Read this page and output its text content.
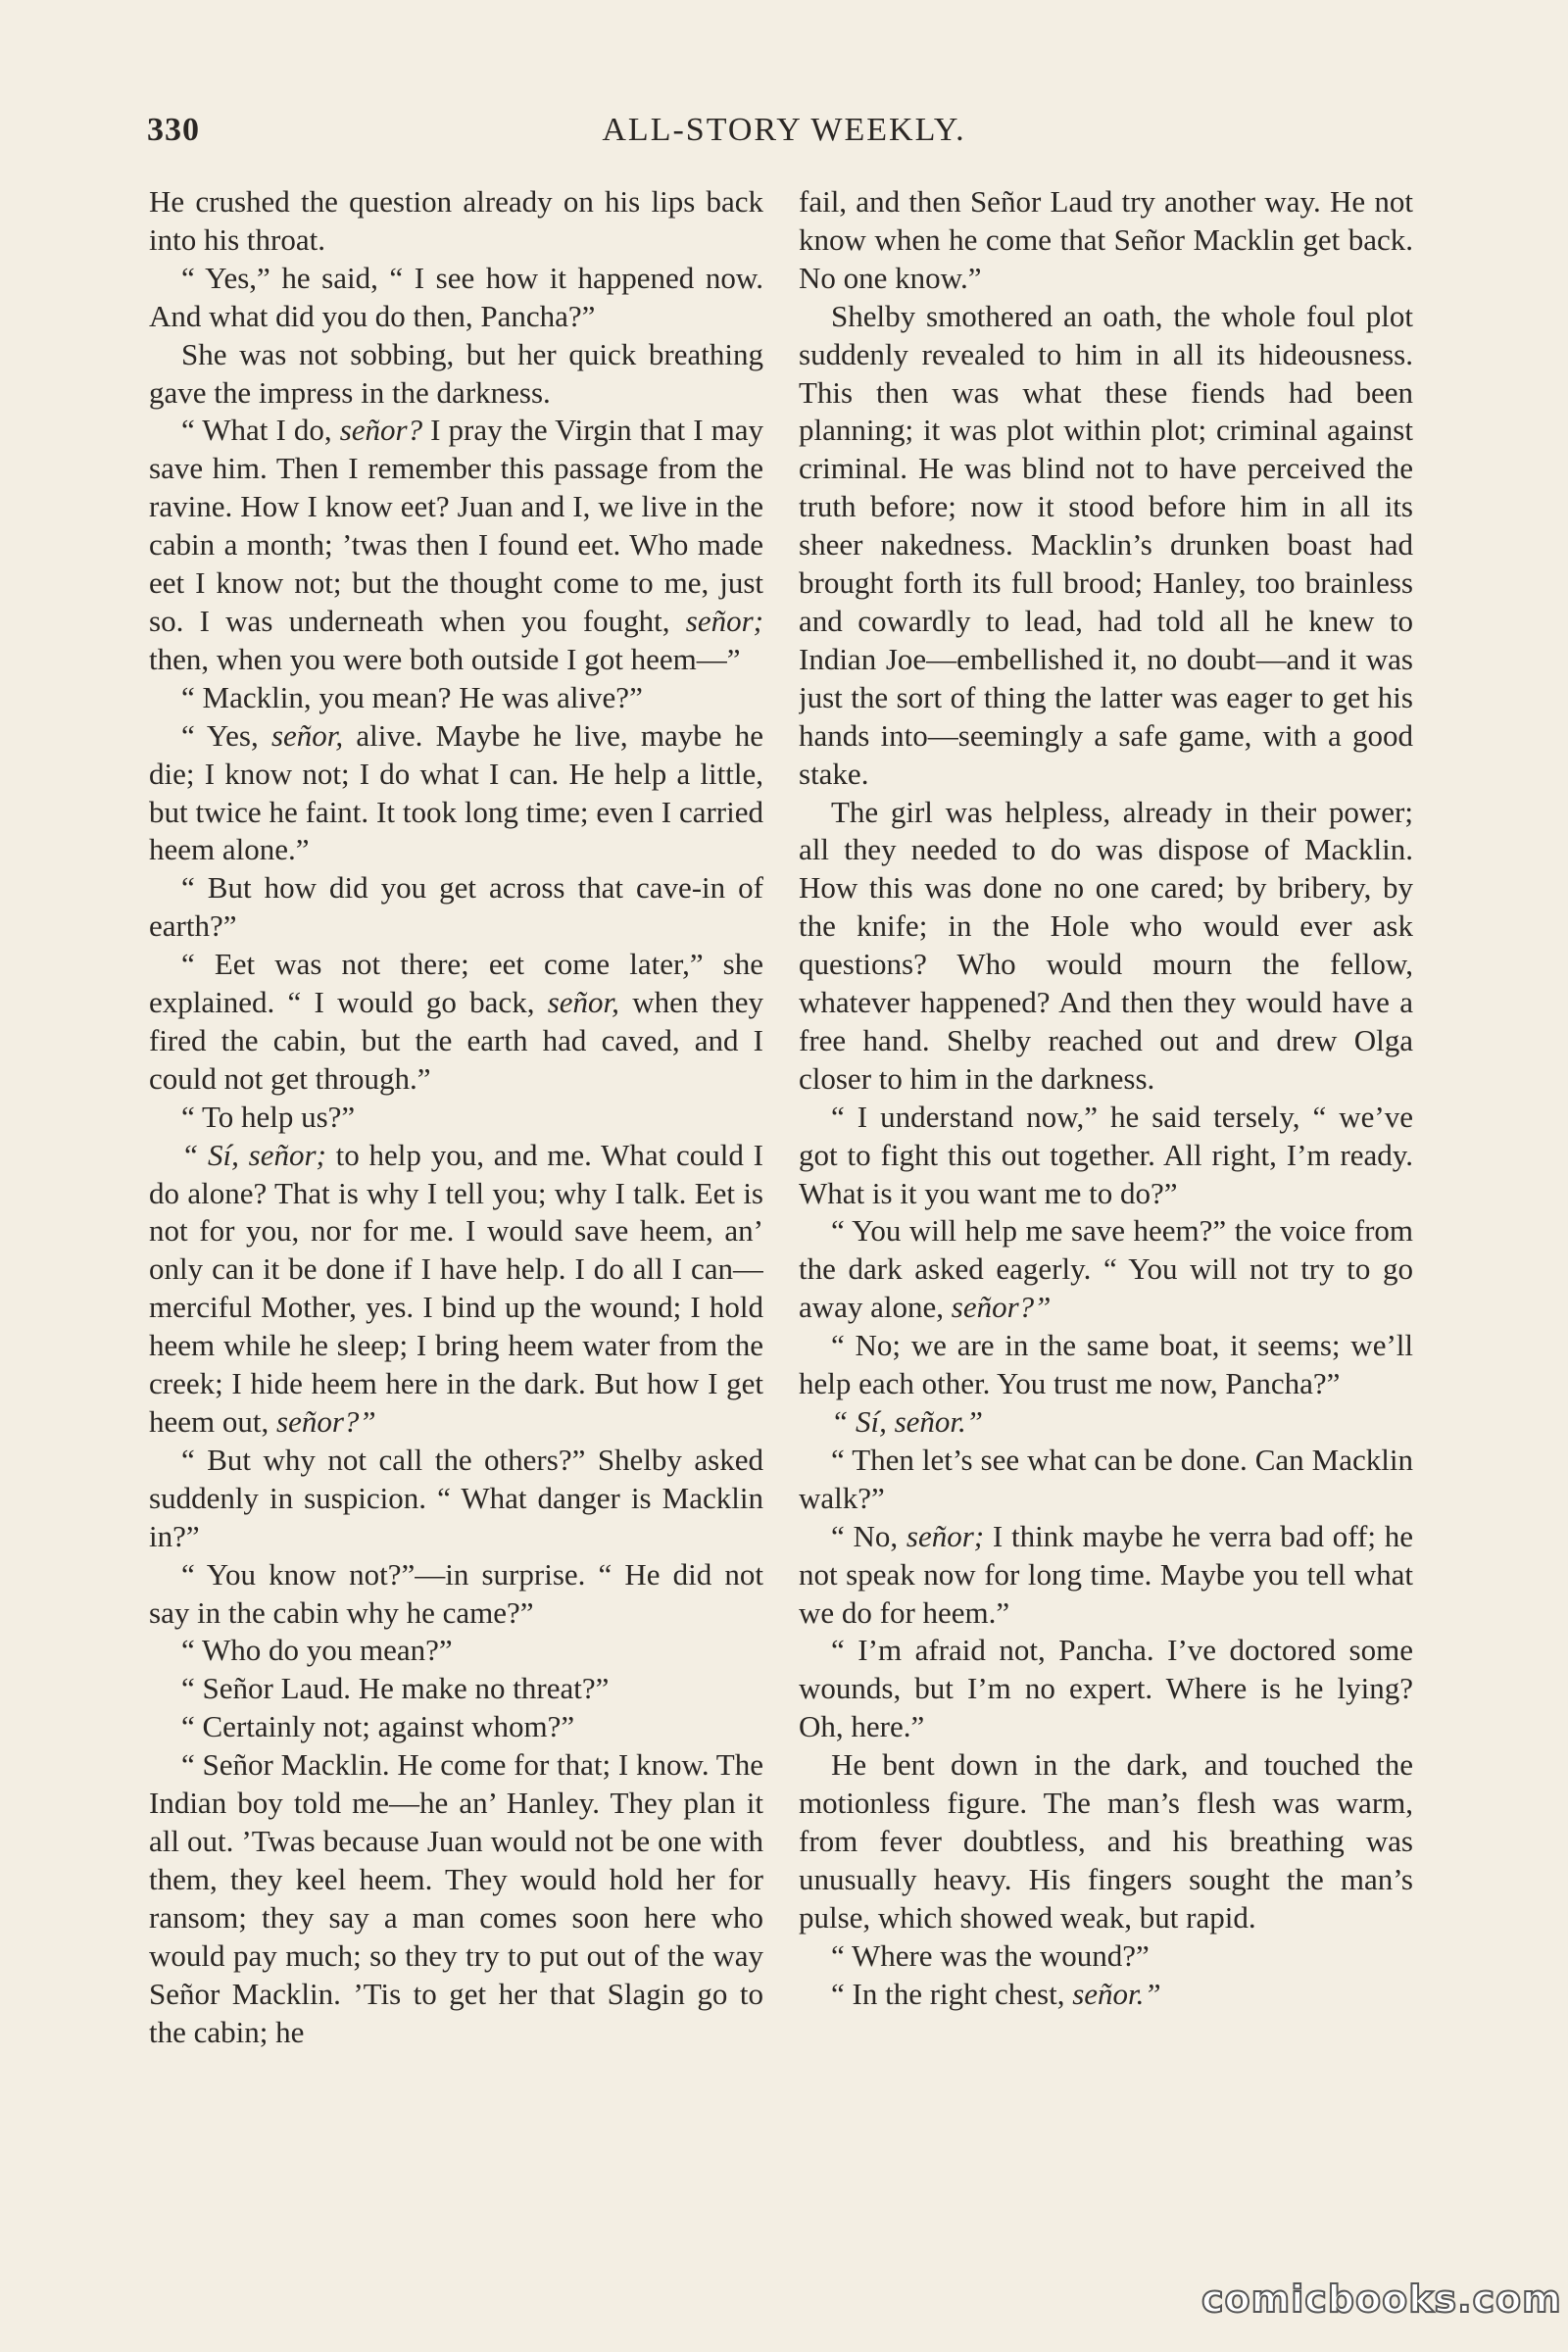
330	ALL-STORY WEEKLY.

He crushed the question already on his lips back into his throat.

“ Yes,” he said, “ I see how it happened now. And what did you do then, Pancha?”

She was not sobbing, but her quick breathing gave the impress in the darkness.

“ What I do, señor? I pray the Virgin that I may save him. Then I remember this passage from the ravine. How I know eet? Juan and I, we live in the cabin a month; ’twas then I found eet. Who made eet I know not; but the thought come to me, just so. I was underneath when you fought, señor; then, when you were both outside I got heem—”

“ Macklin, you mean? He was alive?”

“ Yes, señor, alive. Maybe he live, maybe he die; I know not; I do what I can. He help a little, but twice he faint. It took long time; even I carried heem alone.”

“ But how did you get across that cave-in of earth?”

“ Eet was not there; eet come later,” she explained. “ I would go back, señor, when they fired the cabin, but the earth had caved, and I could not get through.”

“ To help us?”

“ Sí, señor; to help you, and me. What could I do alone? That is why I tell you; why I talk. Eet is not for you, nor for me. I would save heem, an’ only can it be done if I have help. I do all I can—merciful Mother, yes. I bind up the wound; I hold heem while he sleep; I bring heem water from the creek; I hide heem here in the dark. But how I get heem out, señor?”

“ But why not call the others?” Shelby asked suddenly in suspicion. “ What danger is Macklin in?”

“ You know not?”—in surprise. “ He did not say in the cabin why he came?”

“ Who do you mean?”

“ Señor Laud. He make no threat?”

“ Certainly not; against whom?”

“ Señor Macklin. He come for that; I know. The Indian boy told me—he an’ Hanley. They plan it all out. ’Twas because Juan would not be one with them, they keel heem. They would hold her for ransom; they say a man comes soon here who would pay much; so they try to put out of the way Señor Macklin. ’Tis to get her that Slagin go to the cabin; he

fail, and then Señor Laud try another way. He not know when he come that Señor Macklin get back. No one know.”

Shelby smothered an oath, the whole foul plot suddenly revealed to him in all its hideousness. This then was what these fiends had been planning; it was plot within plot; criminal against criminal. He was blind not to have perceived the truth before; now it stood before him in all its sheer nakedness. Macklin’s drunken boast had brought forth its full brood; Hanley, too brainless and cowardly to lead, had told all he knew to Indian Joe—embellished it, no doubt—and it was just the sort of thing the latter was eager to get his hands into—seemingly a safe game, with a good stake.

The girl was helpless, already in their power; all they needed to do was dispose of Macklin. How this was done no one cared; by bribery, by the knife; in the Hole who would ever ask questions? Who would mourn the fellow, whatever happened? And then they would have a free hand. Shelby reached out and drew Olga closer to him in the darkness.

“ I understand now,” he said tersely, “ we’ve got to fight this out together. All right, I’m ready. What is it you want me to do?”

“ You will help me save heem?” the voice from the dark asked eagerly. “ You will not try to go away alone, señor?”

“ No; we are in the same boat, it seems; we’ll help each other. You trust me now, Pancha?”

“ Sí, señor.”

“ Then let’s see what can be done. Can Macklin walk?”

“ No, señor; I think maybe he verra bad off; he not speak now for long time. Maybe you tell what we do for heem.”

“ I’m afraid not, Pancha. I’ve doctored some wounds, but I’m no expert. Where is he lying? Oh, here.”

He bent down in the dark, and touched the motionless figure. The man’s flesh was warm, from fever doubtless, and his breathing was unusually heavy. His fingers sought the man’s pulse, which showed weak, but rapid.

“ Where was the wound?”

“ In the right chest, señor.”

comicbooks.com
